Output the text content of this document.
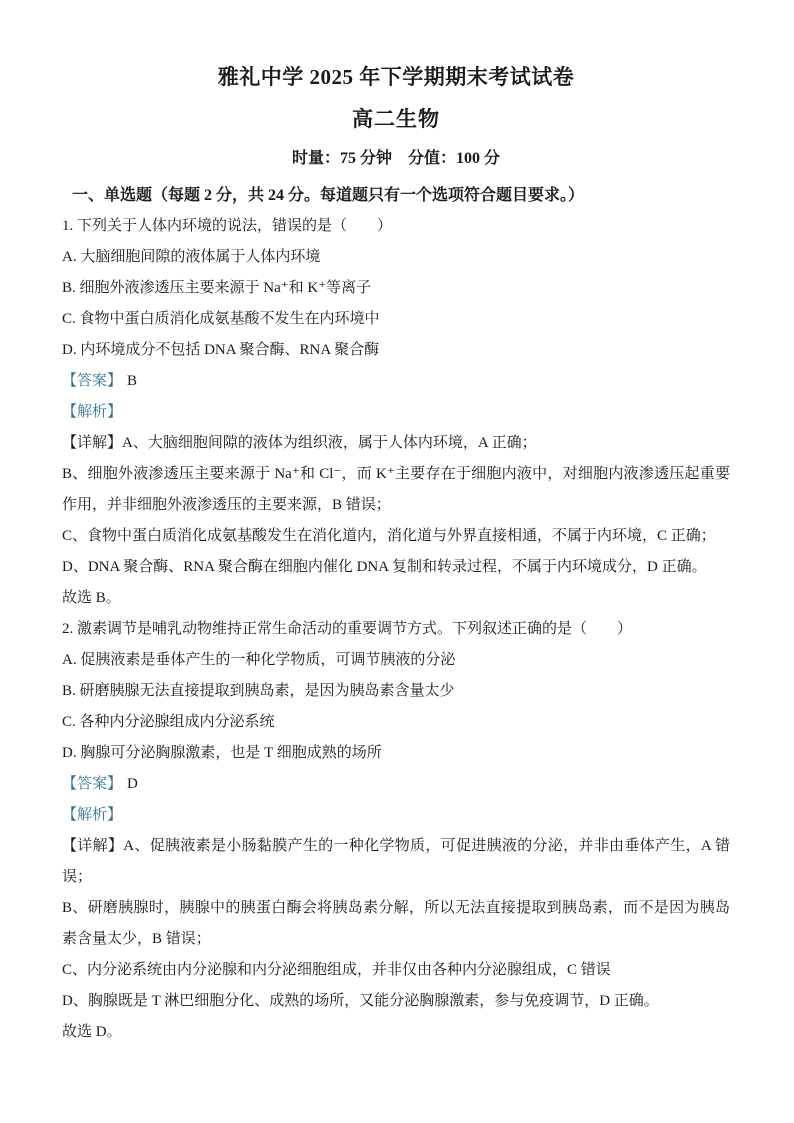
雅礼中学 2025 年下学期期末考试试卷
高二生物
时量：75 分钟　分值：100 分
一、单选题（每题 2 分，共 24 分。每道题只有一个选项符合题目要求。）

1. 下列关于人体内环境的说法，错误的是（　　）

A. 大脑细胞间隙的液体属于人体内环境

B. 细胞外液渗透压主要来源于 Na⁺和 K⁺等离子

C. 食物中蛋白质消化成氨基酸不发生在内环境中

D. 内环境成分不包括 DNA 聚合酶、RNA 聚合酶

【答案】 B

【解析】

【详解】A、大脑细胞间隙的液体为组织液，属于人体内环境，A 正确；

B、细胞外液渗透压主要来源于 Na⁺和 Cl⁻，而 K⁺主要存在于细胞内液中，对细胞内液渗透压起重要作用，并非细胞外液渗透压的主要来源，B 错误；

C、食物中蛋白质消化成氨基酸发生在消化道内，消化道与外界直接相通，不属于内环境，C 正确；

D、DNA 聚合酶、RNA 聚合酶在细胞内催化 DNA 复制和转录过程，不属于内环境成分，D 正确。

故选 B。

2. 激素调节是哺乳动物维持正常生命活动的重要调节方式。下列叙述正确的是（　　）

A. 促胰液素是垂体产生的一种化学物质，可调节胰液的分泌

B. 研磨胰腺无法直接提取到胰岛素，是因为胰岛素含量太少

C. 各种内分泌腺组成内分泌系统

D. 胸腺可分泌胸腺激素，也是 T 细胞成熟的场所

【答案】 D

【解析】

【详解】A、促胰液素是小肠黏膜产生的一种化学物质，可促进胰液的分泌，并非由垂体产生，A 错误；

B、研磨胰腺时，胰腺中的胰蛋白酶会将胰岛素分解，所以无法直接提取到胰岛素，而不是因为胰岛素含量太少，B 错误；

C、内分泌系统由内分泌腺和内分泌细胞组成，并非仅由各种内分泌腺组成，C 错误

D、胸腺既是 T 淋巴细胞分化、成熟的场所，又能分泌胸腺激素，参与免疫调节，D 正确。

故选 D。
